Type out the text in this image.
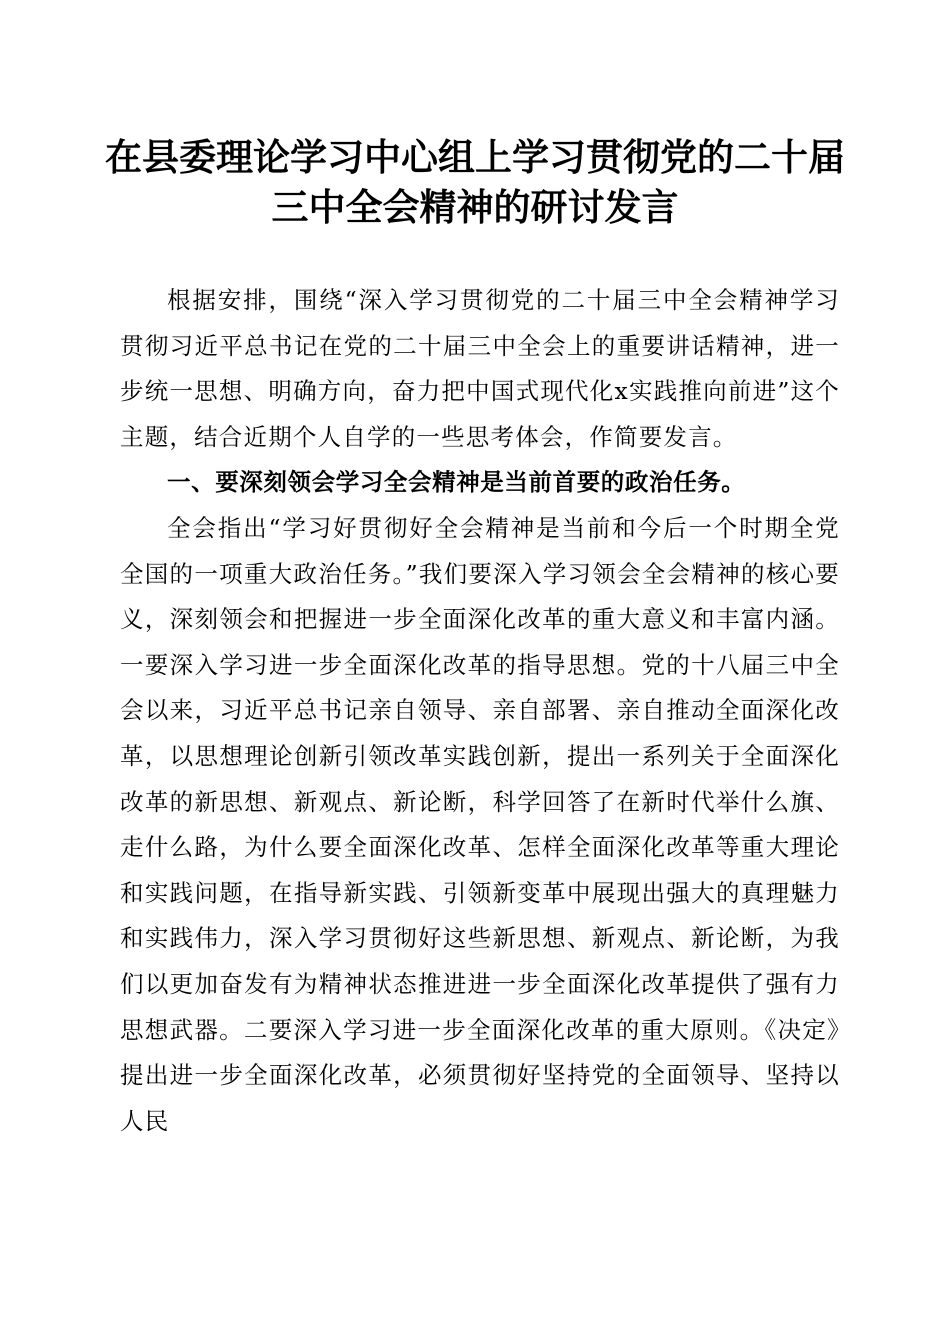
在县委理论学习中心组上学习贯彻党的二十届
三中全会精神的研讨发言

根据安排，围绕“深入学习贯彻党的二十届三中全会精神学习贯彻习近平总书记在党的二十届三中全会上的重要讲话精神，进一步统一思想、明确方向，奋力把中国式现代化x实践推向前进”这个主题，结合近期个人自学的一些思考体会，作简要发言。

一、要深刻领会学习全会精神是当前首要的政治任务。

全会指出“学习好贯彻好全会精神是当前和今后一个时期全党全国的一项重大政治任务。”我们要深入学习领会全会精神的核心要义，深刻领会和把握进一步全面深化改革的重大意义和丰富内涵。一要深入学习进一步全面深化改革的指导思想。党的十八届三中全会以来，习近平总书记亲自领导、亲自部署、亲自推动全面深化改革，以思想理论创新引领改革实践创新，提出一系列关于全面深化改革的新思想、新观点、新论断，科学回答了在新时代举什么旗、走什么路，为什么要全面深化改革、怎样全面深化改革等重大理论和实践问题，在指导新实践、引领新变革中展现出强大的真理魅力和实践伟力，深入学习贯彻好这些新思想、新观点、新论断，为我们以更加奋发有为精神状态推进进一步全面深化改革提供了强有力思想武器。二要深入学习进一步全面深化改革的重大原则。《决定》提出进一步全面深化改革，必须贯彻好坚持党的全面领导、坚持以人民
